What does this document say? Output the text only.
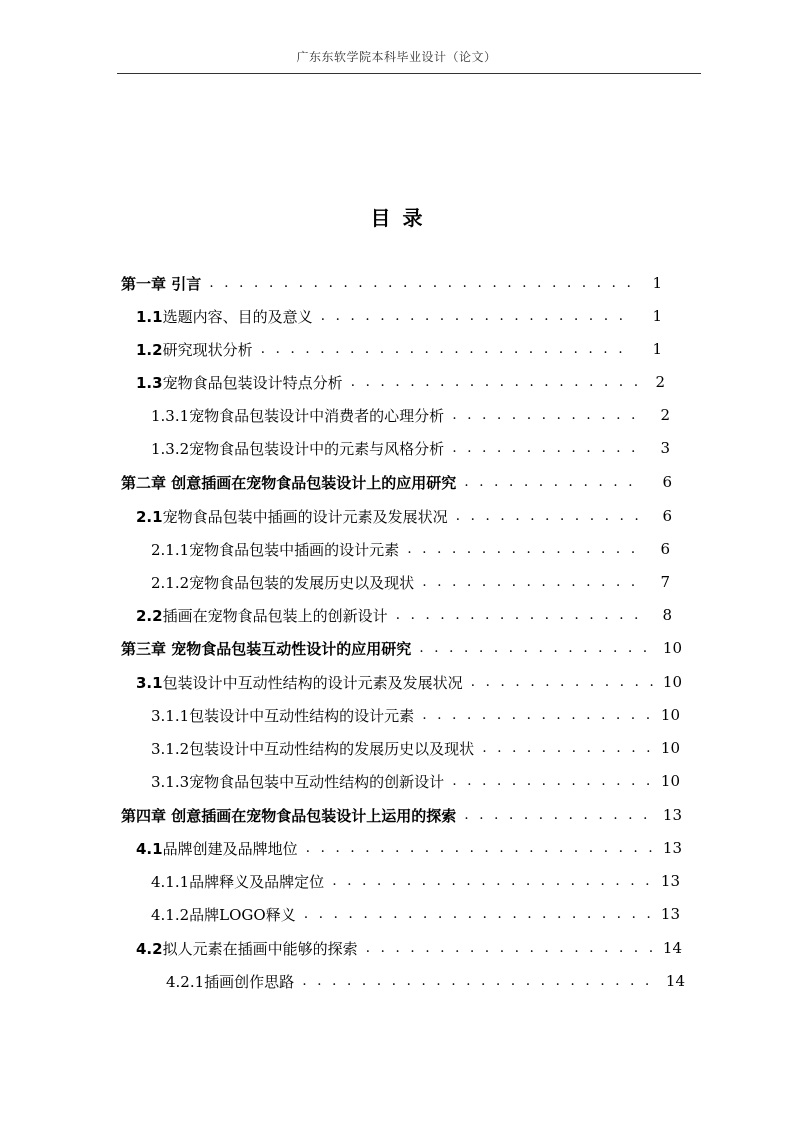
广东东软学院本科毕业设计（论文）
目录
第一章 引言 . . .	1
1.1选题内容、目的及意义 . . .	1
1.2研究现状分析 . . .	1
1.3宠物食品包装设计特点分析 . . .	2
1.3.1宠物食品包装设计中消费者的心理分析 . . .	2
1.3.2宠物食品包装设计中的元素与风格分析 . . .	3
第二章 创意插画在宠物食品包装设计上的应用研究 . . .	6
2.1宠物食品包装中插画的设计元素及发展状况 . . .	6
2.1.1宠物食品包装中插画的设计元素 . . .	6
2.1.2宠物食品包装的发展历史以及现状 . . .	7
2.2插画在宠物食品包装上的创新设计 . . .	8
第三章 宠物食品包装互动性设计的应用研究 . . .	10
3.1包装设计中互动性结构的设计元素及发展状况 . . .	10
3.1.1包装设计中互动性结构的设计元素 . . .	10
3.1.2包装设计中互动性结构的发展历史以及现状 . . .	10
3.1.3宠物食品包装中互动性结构的创新设计 . . .	10
第四章 创意插画在宠物食品包装设计上运用的探索 . . .	13
4.1品牌创建及品牌地位 . . .	13
4.1.1品牌释义及品牌定位 . . .	13
4.1.2品牌LOGO释义 . . .	13
4.2拟人元素在插画中能够的探索 . . .	14
4.2.1插画创作思路 . . .	14
